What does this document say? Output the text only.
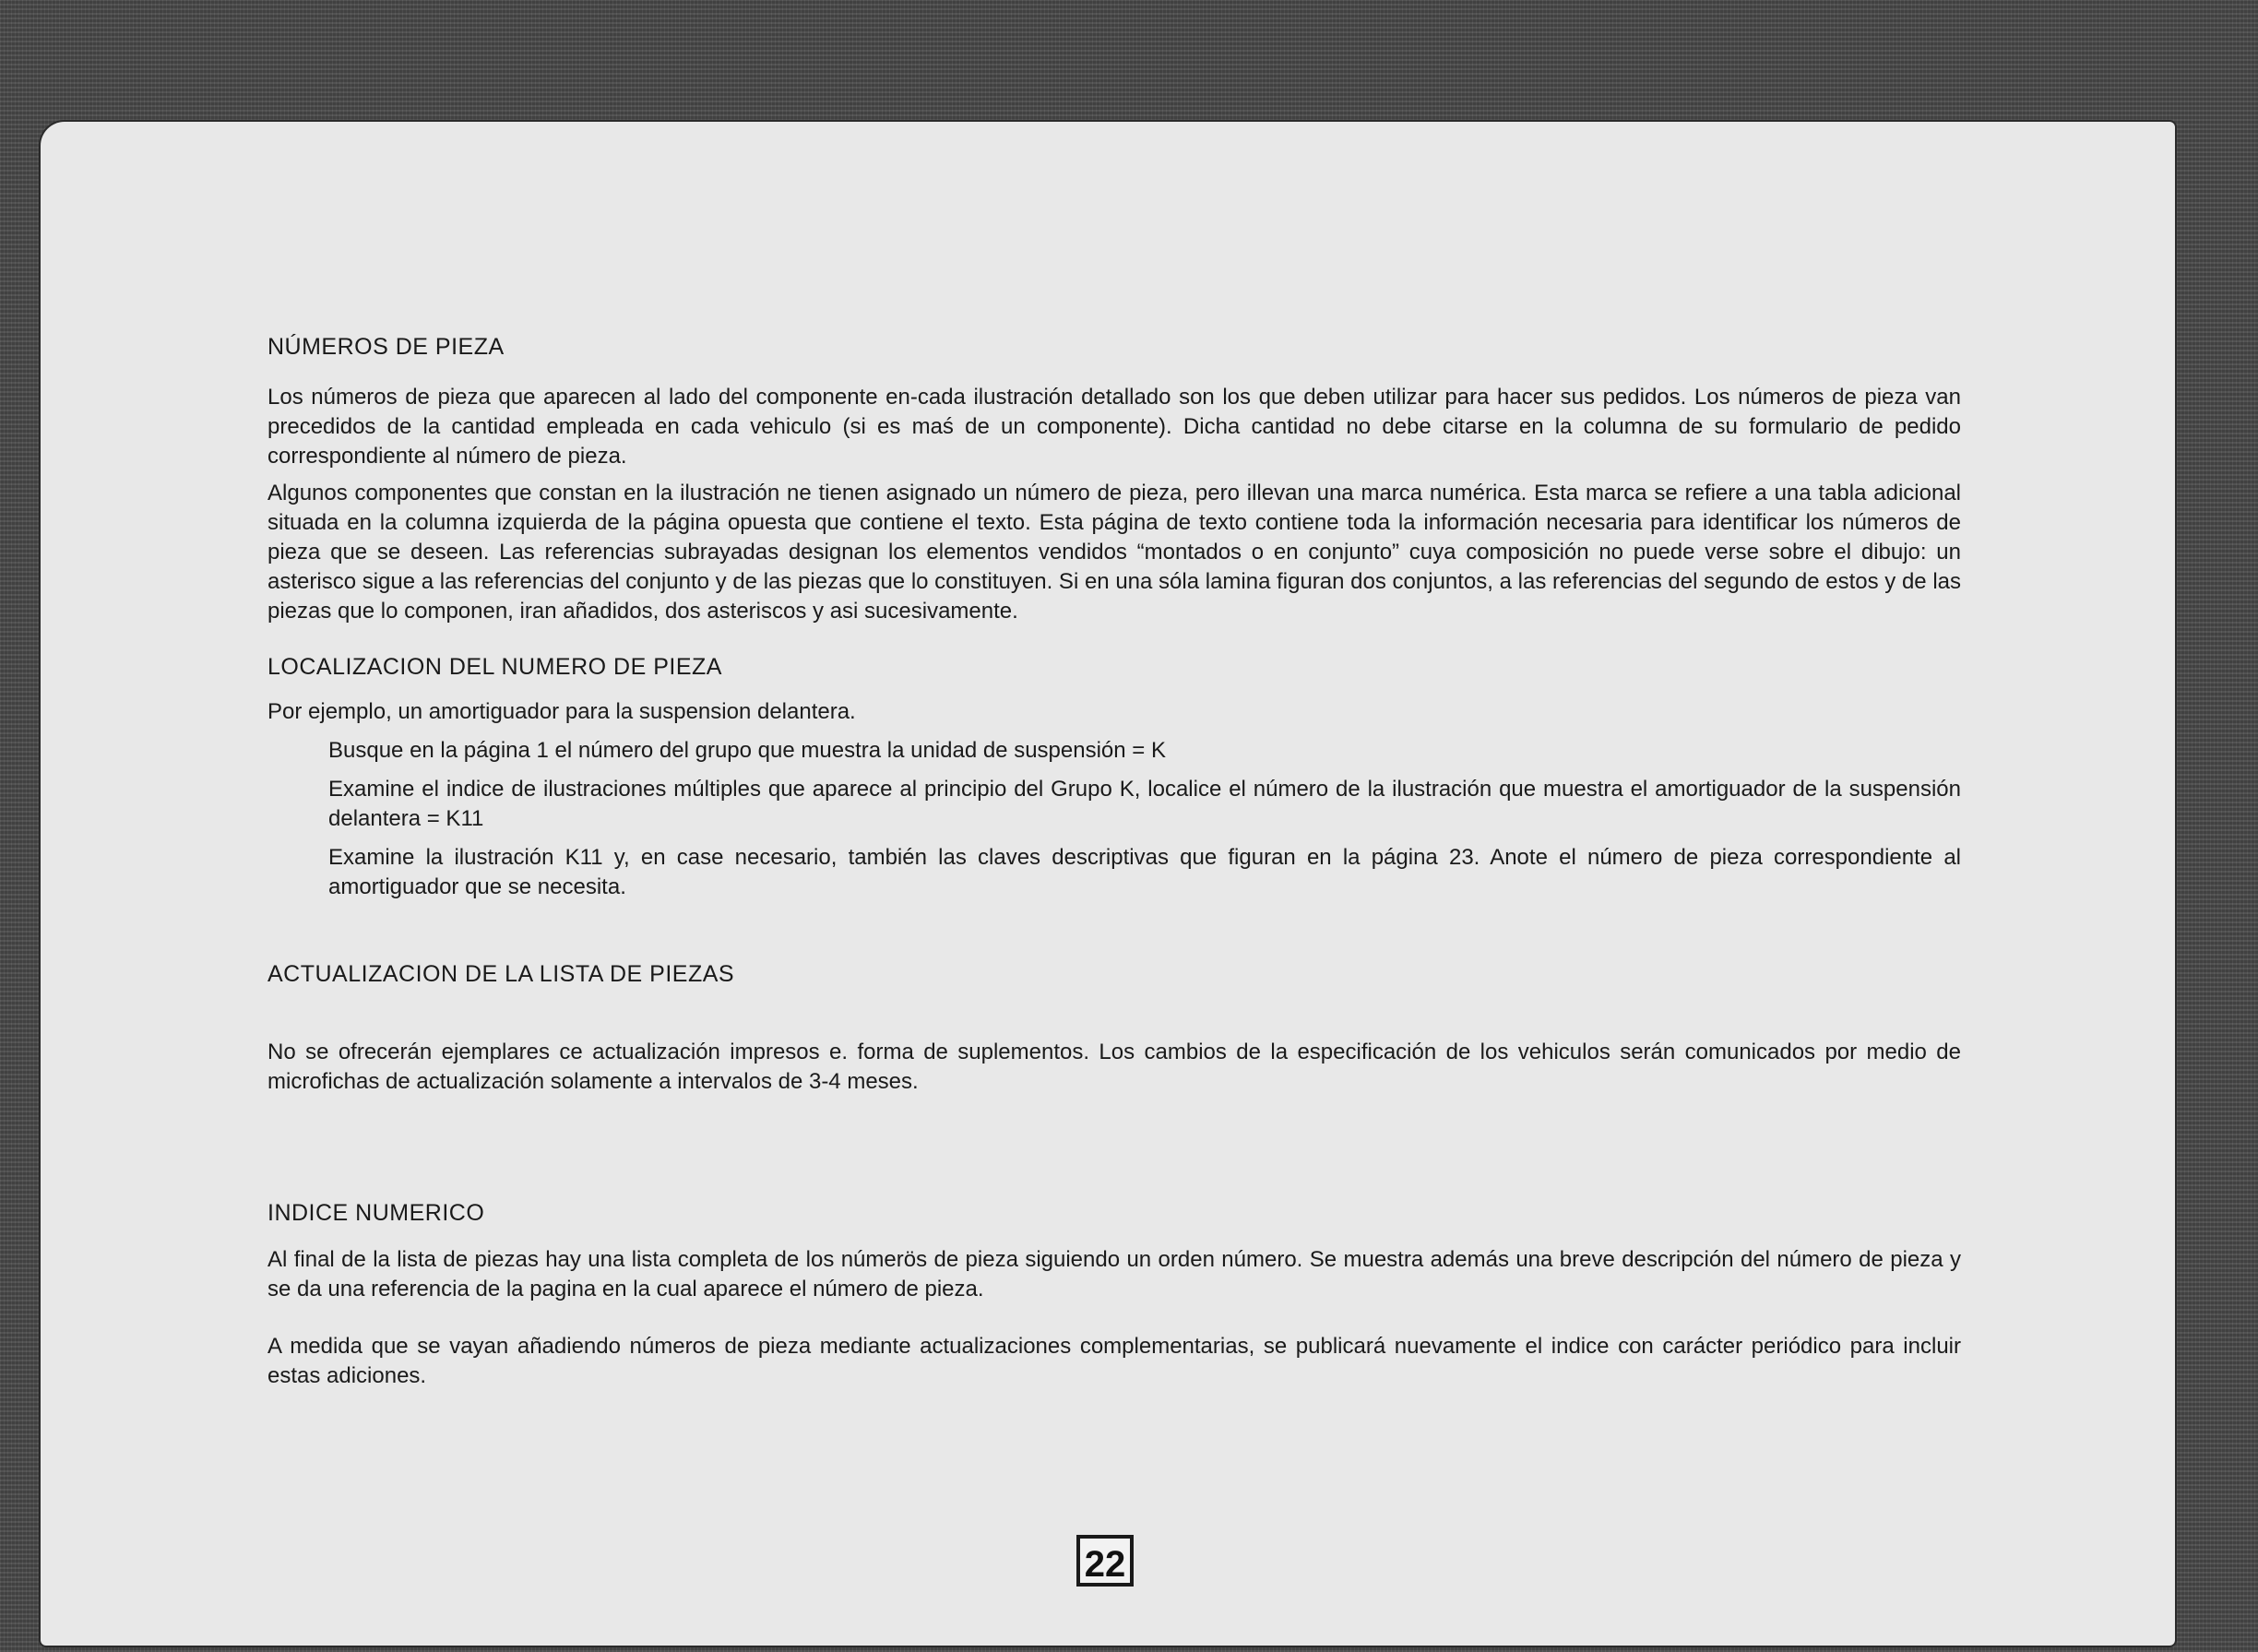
NÚMEROS DE PIEZA

Los números de pieza que aparecen al lado del componente en-cada ilustración detallado son los que deben utilizar para hacer sus pedidos. Los números de pieza van precedidos de la cantidad empleada en cada vehiculo (si es maś de un componente). Dicha cantidad no debe citarse en la columna de su formulario de pedido correspondiente al número de pieza.

Algunos componentes que constan en la ilustración ne tienen asignado un número de pieza, pero illevan una marca numérica. Esta marca se refiere a una tabla adicional situada en la columna izquierda de la página opuesta que contiene el texto. Esta página de texto contiene toda la información necesaria para identificar los números de pieza que se deseen. Las referencias subrayadas designan los elementos vendidos “montados o en conjunto” cuya composición no puede verse sobre el dibujo: un asterisco sigue a las referencias del conjunto y de las piezas que lo constituyen. Si en una sóla lamina figuran dos conjuntos, a las referencias del segundo de estos y de las piezas que lo componen, iran añadidos, dos asteriscos y asi sucesivamente.

LOCALIZACION DEL NUMERO DE PIEZA

Por ejemplo, un amortiguador para la suspension delantera.

Busque en la página 1 el número del grupo que muestra la unidad de suspensión = K

Examine el indice de ilustraciones múltiples que aparece al principio del Grupo K, localice el número de la ilustración que muestra el amortiguador de la suspensión delantera = K11

Examine la ilustración K11 y, en case necesario, también las claves descriptivas que figuran en la página 23. Anote el número de pieza correspondiente al amortiguador que se necesita.

ACTUALIZACION DE LA LISTA DE PIEZAS

No se ofrecerán ejemplares ce actualización impresos e. forma de suplementos. Los cambios de la especificación de los vehiculos serán comunicados por medio de microfichas de actualización solamente a intervalos de 3-4 meses.

INDICE NUMERICO

Al final de la lista de piezas hay una lista completa de los númerös de pieza siguiendo un orden número. Se muestra además una breve descripción del número de pieza y se da una referencia de la pagina en la cual aparece el número de pieza.

A medida que se vayan añadiendo números de pieza mediante actualizaciones complementarias, se publicará nuevamente el indice con carácter periódico para incluir estas adiciones.

22
